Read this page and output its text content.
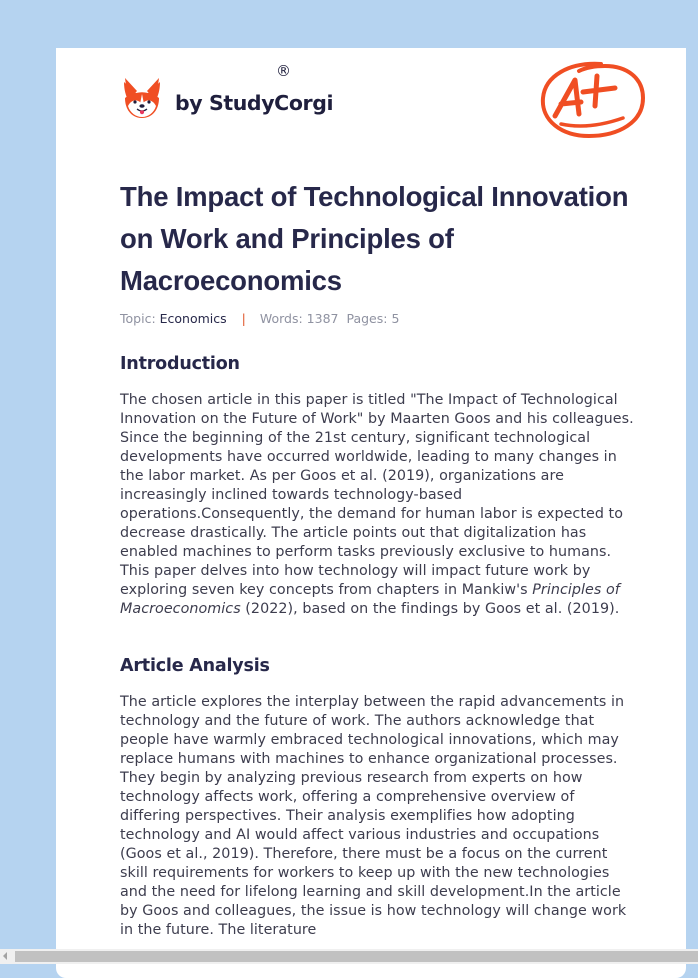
by StudyCorgi
®
The Impact of Technological Innovation on Work and Principles of Macroeconomics
Topic: Economics | Words: 1387 Pages: 5
Introduction

The chosen article in this paper is titled "The Impact of Technological Innovation on the Future of Work" by Maarten Goos and his colleagues. Since the beginning of the 21st century, significant technological developments have occurred worldwide, leading to many changes in the labor market. As per Goos et al. (2019), organizations are increasingly inclined towards technology-based operations.Consequently, the demand for human labor is expected to decrease drastically. The article points out that digitalization has enabled machines to perform tasks previously exclusive to humans. This paper delves into how technology will impact future work by exploring seven key concepts from chapters in Mankiw's Principles of Macroeconomics (2022), based on the findings by Goos et al. (2019).

Article Analysis

The article explores the interplay between the rapid advancements in technology and the future of work. The authors acknowledge that people have warmly embraced technological innovations, which may replace humans with machines to enhance organizational processes. They begin by analyzing previous research from experts on how technology affects work, offering a comprehensive overview of differing perspectives. Their analysis exemplifies how adopting technology and AI would affect various industries and occupations (Goos et al., 2019). Therefore, there must be a focus on the current skill requirements for workers to keep up with the new technologies and the need for lifelong learning and skill development.In the article by Goos and colleagues, the issue is how technology will change work in the future. The literature
